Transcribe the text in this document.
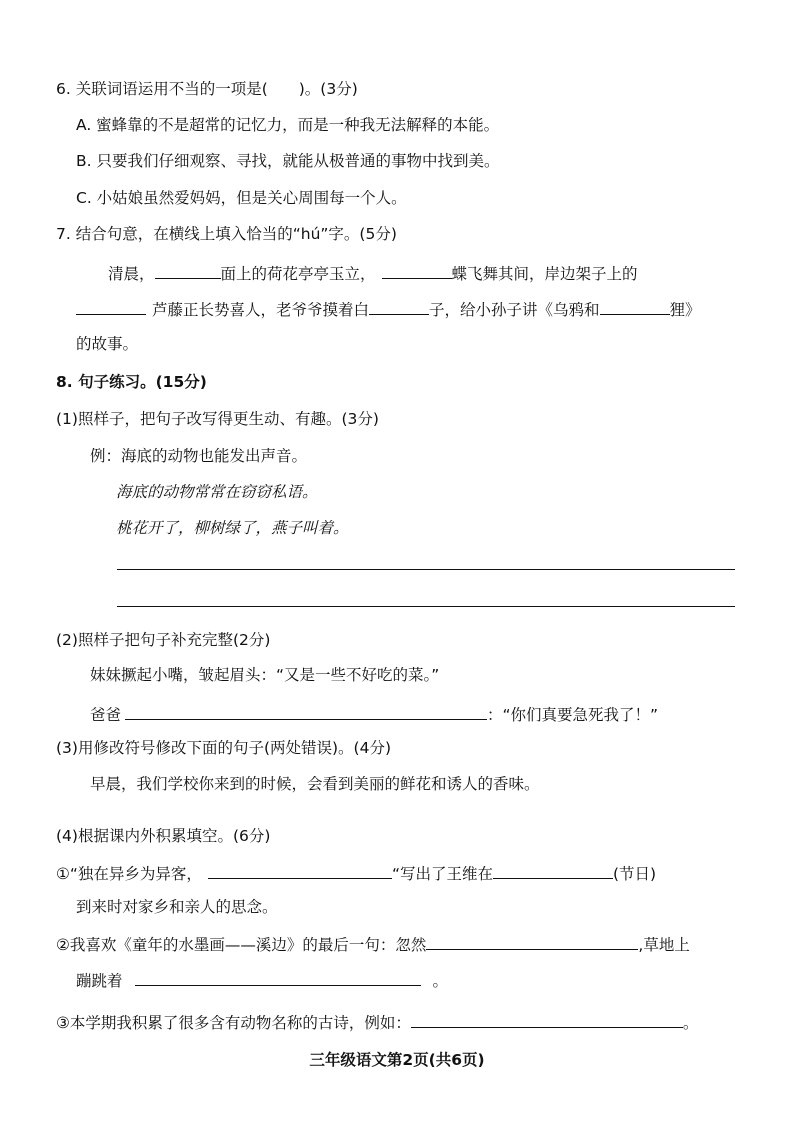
6. 关联词语运用不当的一项是(　　)。(3分)
A. 蜜蜂靠的不是超常的记忆力，而是一种我无法解释的本能。
B. 只要我们仔细观察、寻找，就能从极普通的事物中找到美。
C. 小姑娘虽然爱妈妈，但是关心周围每一个人。
7. 结合句意，在横线上填入恰当的“hú”字。(5分)
清晨，	面上的荷花亭亭玉立，	蝶飞舞其间，岸边架子上的
芦藤正长势喜人，老爷爷摸着白	子，给小孙子讲《乌鸦和	狸》
的故事。
8. 句子练习。(15分)
(1)照样子，把句子改写得更生动、有趣。(3分)
例：海底的动物也能发出声音。
海底的动物常常在窃窃私语。
桃花开了，柳树绿了，燕子叫着。
(2)照样子把句子补充完整(2分)
妹妹撅起小嘴，皱起眉头：“又是一些不好吃的菜。”
爸爸	：“你们真要急死我了！”
(3)用修改符号修改下面的句子(两处错误)。(4分)
早晨，我们学校你来到的时候，会看到美丽的鲜花和诱人的香味。
(4)根据课内外积累填空。(6分)
①“独在异乡为异客，	“写出了王维在	(节日)
到来时对家乡和亲人的思念。
②我喜欢《童年的水墨画——溪边》的最后一句：忽然	,草地上
蹦跳着	。
③本学期我积累了很多含有动物名称的古诗，例如：	。
三年级语文第2页(共6页)
